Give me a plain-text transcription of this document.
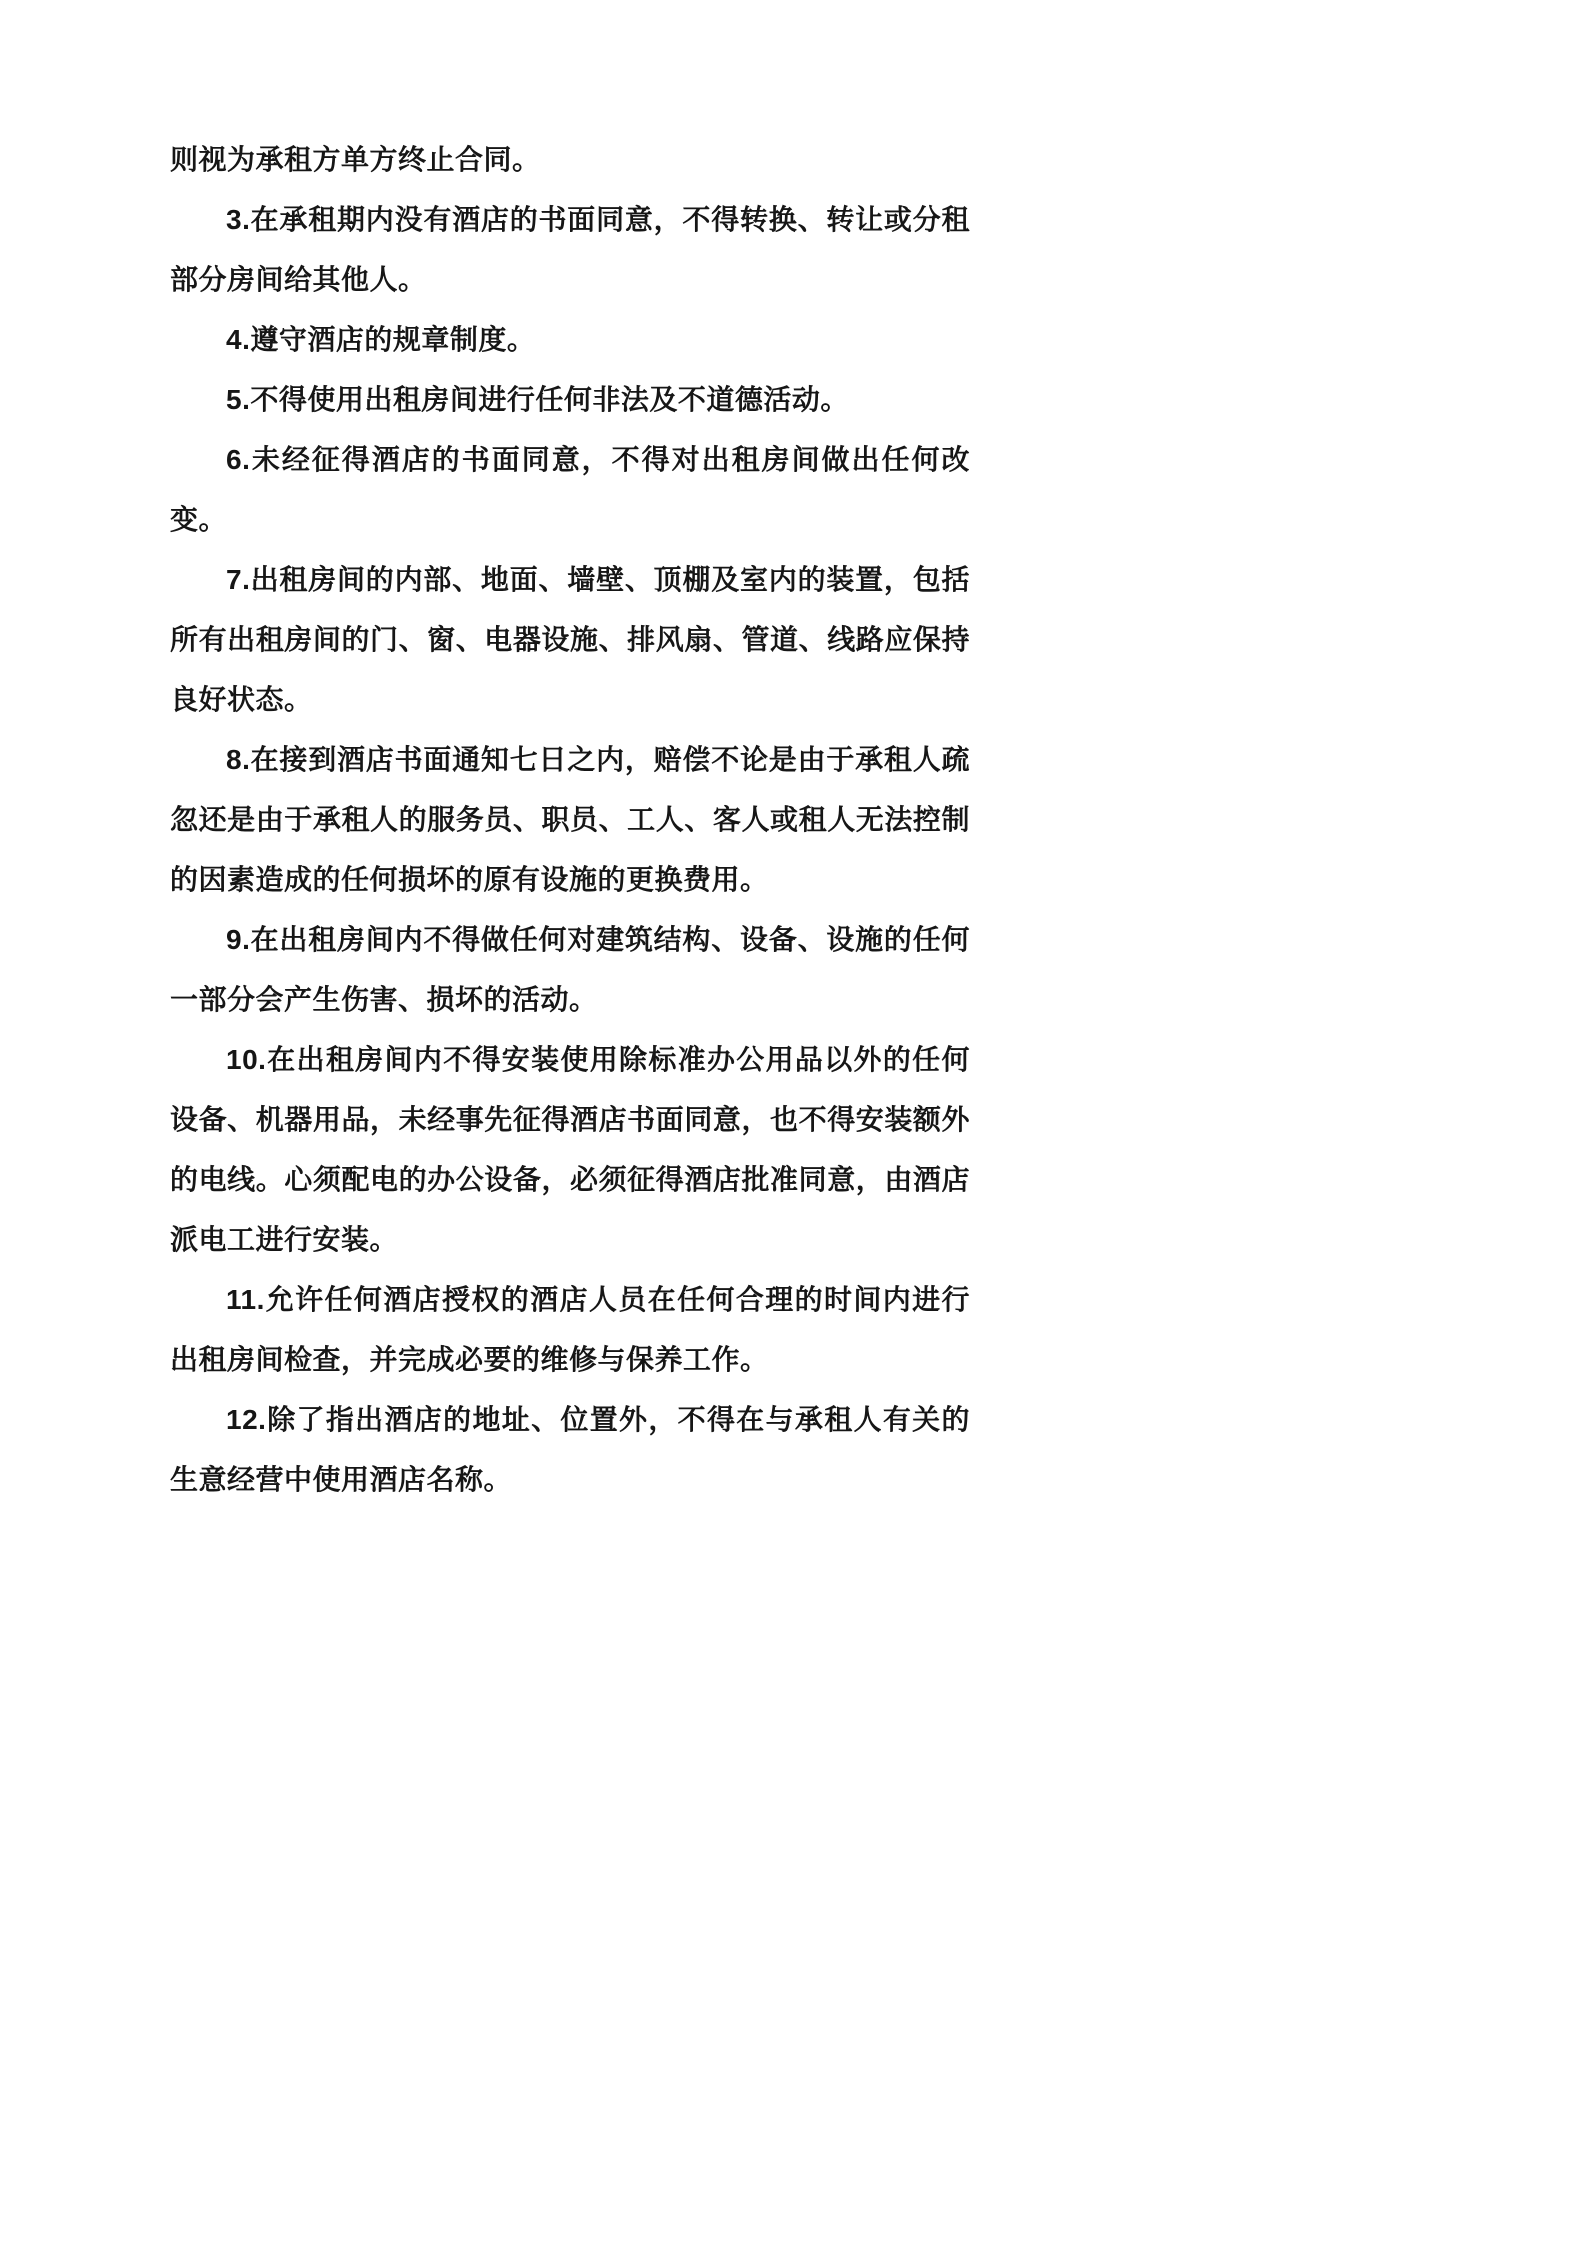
则视为承租方单方终止合同。

3.在承租期内没有酒店的书面同意，不得转换、转让或分租部分房间给其他人。

4.遵守酒店的规章制度。

5.不得使用出租房间进行任何非法及不道德活动。

6.未经征得酒店的书面同意，不得对出租房间做出任何改变。

7.出租房间的内部、地面、墙壁、顶棚及室内的装置，包括所有出租房间的门、窗、电器设施、排风扇、管道、线路应保持良好状态。

8.在接到酒店书面通知七日之内，赔偿不论是由于承租人疏忽还是由于承租人的服务员、职员、工人、客人或租人无法控制的因素造成的任何损坏的原有设施的更换费用。

9.在出租房间内不得做任何对建筑结构、设备、设施的任何一部分会产生伤害、损坏的活动。

10.在出租房间内不得安装使用除标准办公用品以外的任何设备、机器用品，未经事先征得酒店书面同意，也不得安装额外的电线。心须配电的办公设备，必须征得酒店批准同意，由酒店派电工进行安装。

11.允许任何酒店授权的酒店人员在任何合理的时间内进行出租房间检查，并完成必要的维修与保养工作。

12.除了指出酒店的地址、位置外，不得在与承租人有关的生意经营中使用酒店名称。
